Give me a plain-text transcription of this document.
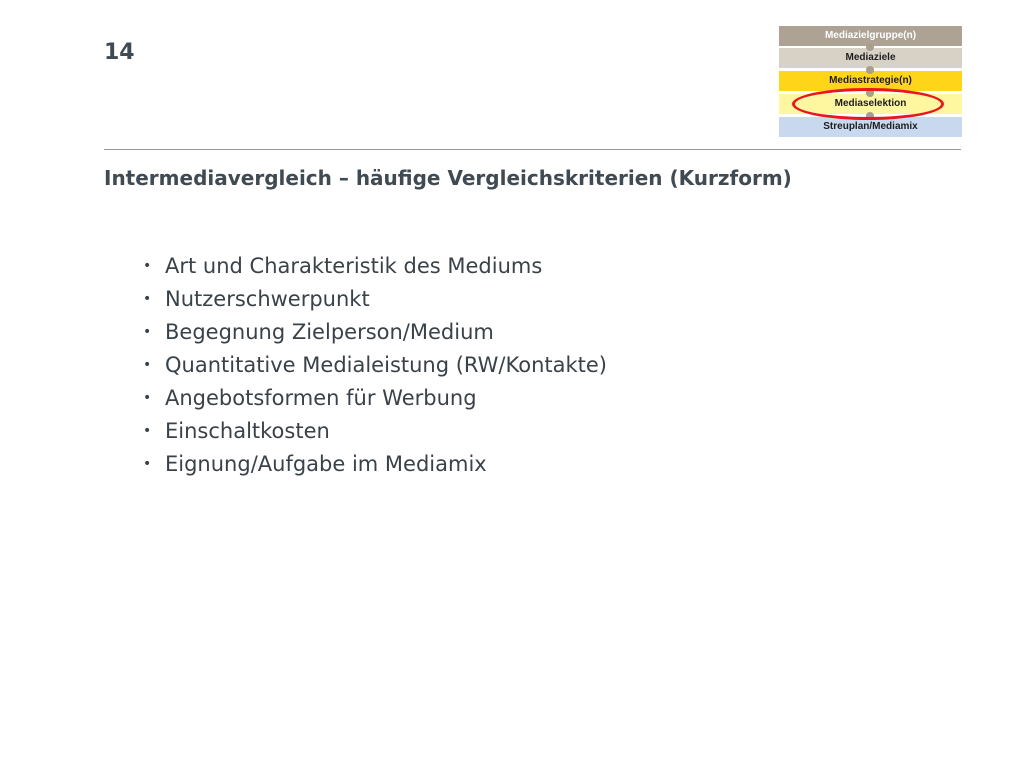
14
Mediazielgruppe(n)
Mediaziele
Mediastrategie(n)
Mediaselektion
Streuplan/Mediamix
Intermediavergleich – häufige Vergleichskriterien (Kurzform)
• Art und Charakteristik des Mediums
• Nutzerschwerpunkt
• Begegnung Zielperson/Medium
• Quantitative Medialeistung (RW/Kontakte)
• Angebotsformen für Werbung
• Einschaltkosten
• Eignung/Aufgabe im Mediamix
